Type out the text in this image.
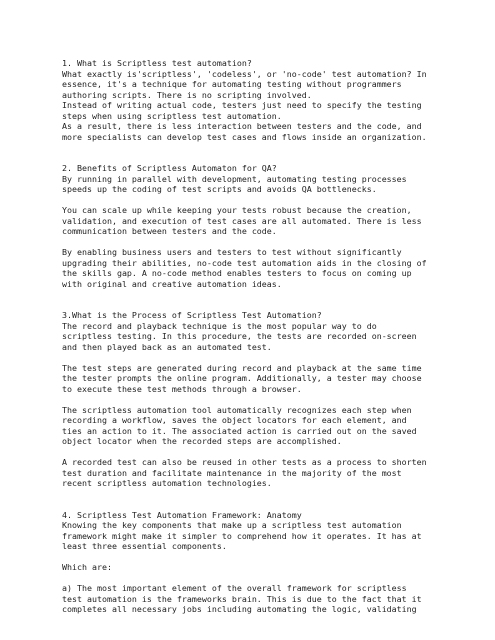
1. What is Scriptless test automation?
What exactly is'scriptless', 'codeless', or 'no-code' test automation? In
essence, it's a technique for automating testing without programmers
authoring scripts. There is no scripting involved.
Instead of writing actual code, testers just need to specify the testing
steps when using scriptless test automation.
As a result, there is less interaction between testers and the code, and
more specialists can develop test cases and flows inside an organization.
2. Benefits of Scriptless Automaton for QA?
By running in parallel with development, automating testing processes
speeds up the coding of test scripts and avoids QA bottlenecks.
You can scale up while keeping your tests robust because the creation,
validation, and execution of test cases are all automated. There is less
communication between testers and the code.
By enabling business users and testers to test without significantly
upgrading their abilities, no-code test automation aids in the closing of
the skills gap. A no-code method enables testers to focus on coming up
with original and creative automation ideas.
3.What is the Process of Scriptless Test Automation?
The record and playback technique is the most popular way to do
scriptless testing. In this procedure, the tests are recorded on-screen
and then played back as an automated test.
The test steps are generated during record and playback at the same time
the tester prompts the online program. Additionally, a tester may choose
to execute these test methods through a browser.
The scriptless automation tool automatically recognizes each step when
recording a workflow, saves the object locators for each element, and
ties an action to it. The associated action is carried out on the saved
object locator when the recorded steps are accomplished.
A recorded test can also be reused in other tests as a process to shorten
test duration and facilitate maintenance in the majority of the most
recent scriptless automation technologies.
4. Scriptless Test Automation Framework: Anatomy
Knowing the key components that make up a scriptless test automation
framework might make it simpler to comprehend how it operates. It has at
least three essential components.
Which are:
a) The most important element of the overall framework for scriptless
test automation is the frameworks brain. This is due to the fact that it
completes all necessary jobs including automating the logic, validating
